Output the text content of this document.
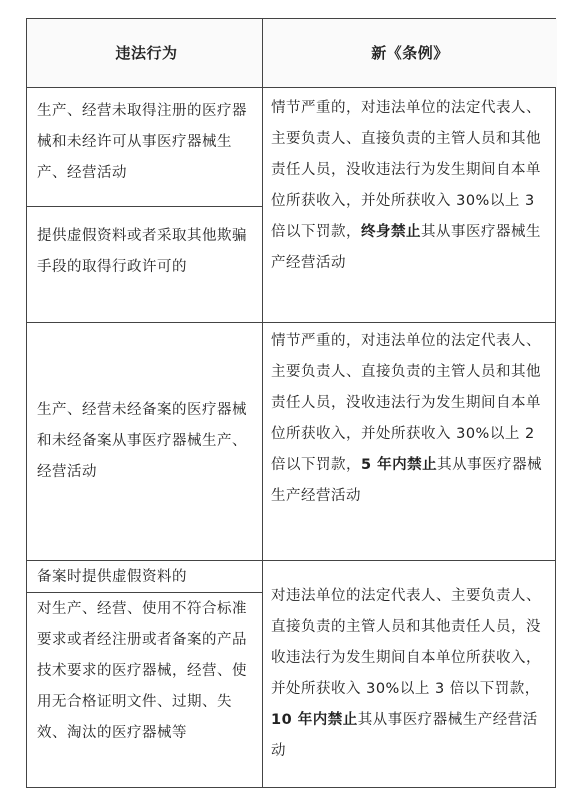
违法行为	新《条例》
生产、经营未取得注册的医疗器械和未经许可从事医疗器械生产、经营活动
提供虚假资料或者采取其他欺骗手段的取得行政许可的
情节严重的，对违法单位的法定代表人、主要负责人、直接负责的主管人员和其他责任人员，没收违法行为发生期间自本单位所获收入，并处所获收入 30%以上 3 倍以下罚款，终身禁止其从事医疗器械生产经营活动
生产、经营未经备案的医疗器械和未经备案从事医疗器械生产、经营活动
情节严重的，对违法单位的法定代表人、主要负责人、直接负责的主管人员和其他责任人员，没收违法行为发生期间自本单位所获收入，并处所获收入 30%以上 2 倍以下罚款，5 年内禁止其从事医疗器械生产经营活动
备案时提供虚假资料的
对生产、经营、使用不符合标准要求或者经注册或者备案的产品技术要求的医疗器械，经营、使用无合格证明文件、过期、失效、淘汰的医疗器械等
对违法单位的法定代表人、主要负责人、直接负责的主管人员和其他责任人员，没收违法行为发生期间自本单位所获收入，并处所获收入 30%以上 3 倍以下罚款，10 年内禁止其从事医疗器械生产经营活动
